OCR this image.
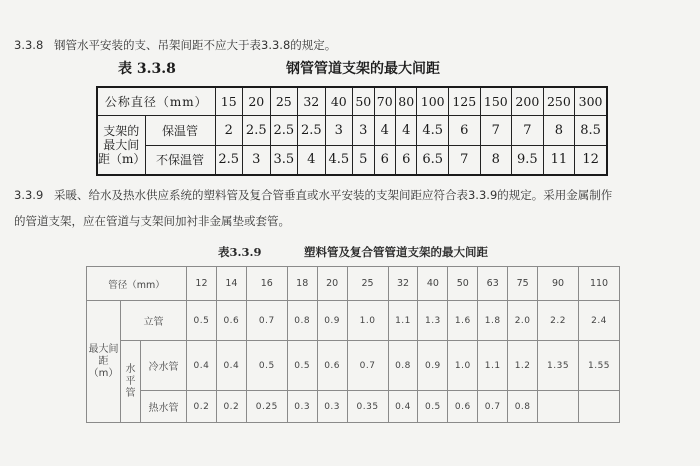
3.3.8 钢管水平安装的支、吊架间距不应大于表3.3.8的规定。
表 3.3.8	钢管管道支架的最大间距
公称直径（mm）		15	20	25	32	40	50	70	80	100	125	150	200	250	300
支架的最大间距（m）	保温管	2	2.5	2.5	2.5	3	3	4	4	4.5	6	7	7	8	8.5
	不保温管	2.5	3	3.5	4	4.5	5	6	6	6.5	7	8	9.5	11	12
3.3.9 采暖、给水及热水供应系统的塑料管及复合管垂直或水平安装的支架间距应符合表3.3.9的规定。采用金属制作
的管道支架，应在管道与支架间加衬非金属垫或套管。
表3.3.9	塑料管及复合管管道支架的最大间距
管径（mm）			12	14	16	18	20	25	32	40	50	63	75	90	110
最大间距（m）	立管		0.5	0.6	0.7	0.8	0.9	1.0	1.1	1.3	1.6	1.8	2.0	2.2	2.4
	水平管	冷水管	0.4	0.4	0.5	0.5	0.6	0.7	0.8	0.9	1.0	1.1	1.2	1.35	1.55
		热水管	0.2	0.2	0.25	0.3	0.3	0.35	0.4	0.5	0.6	0.7	0.8		
